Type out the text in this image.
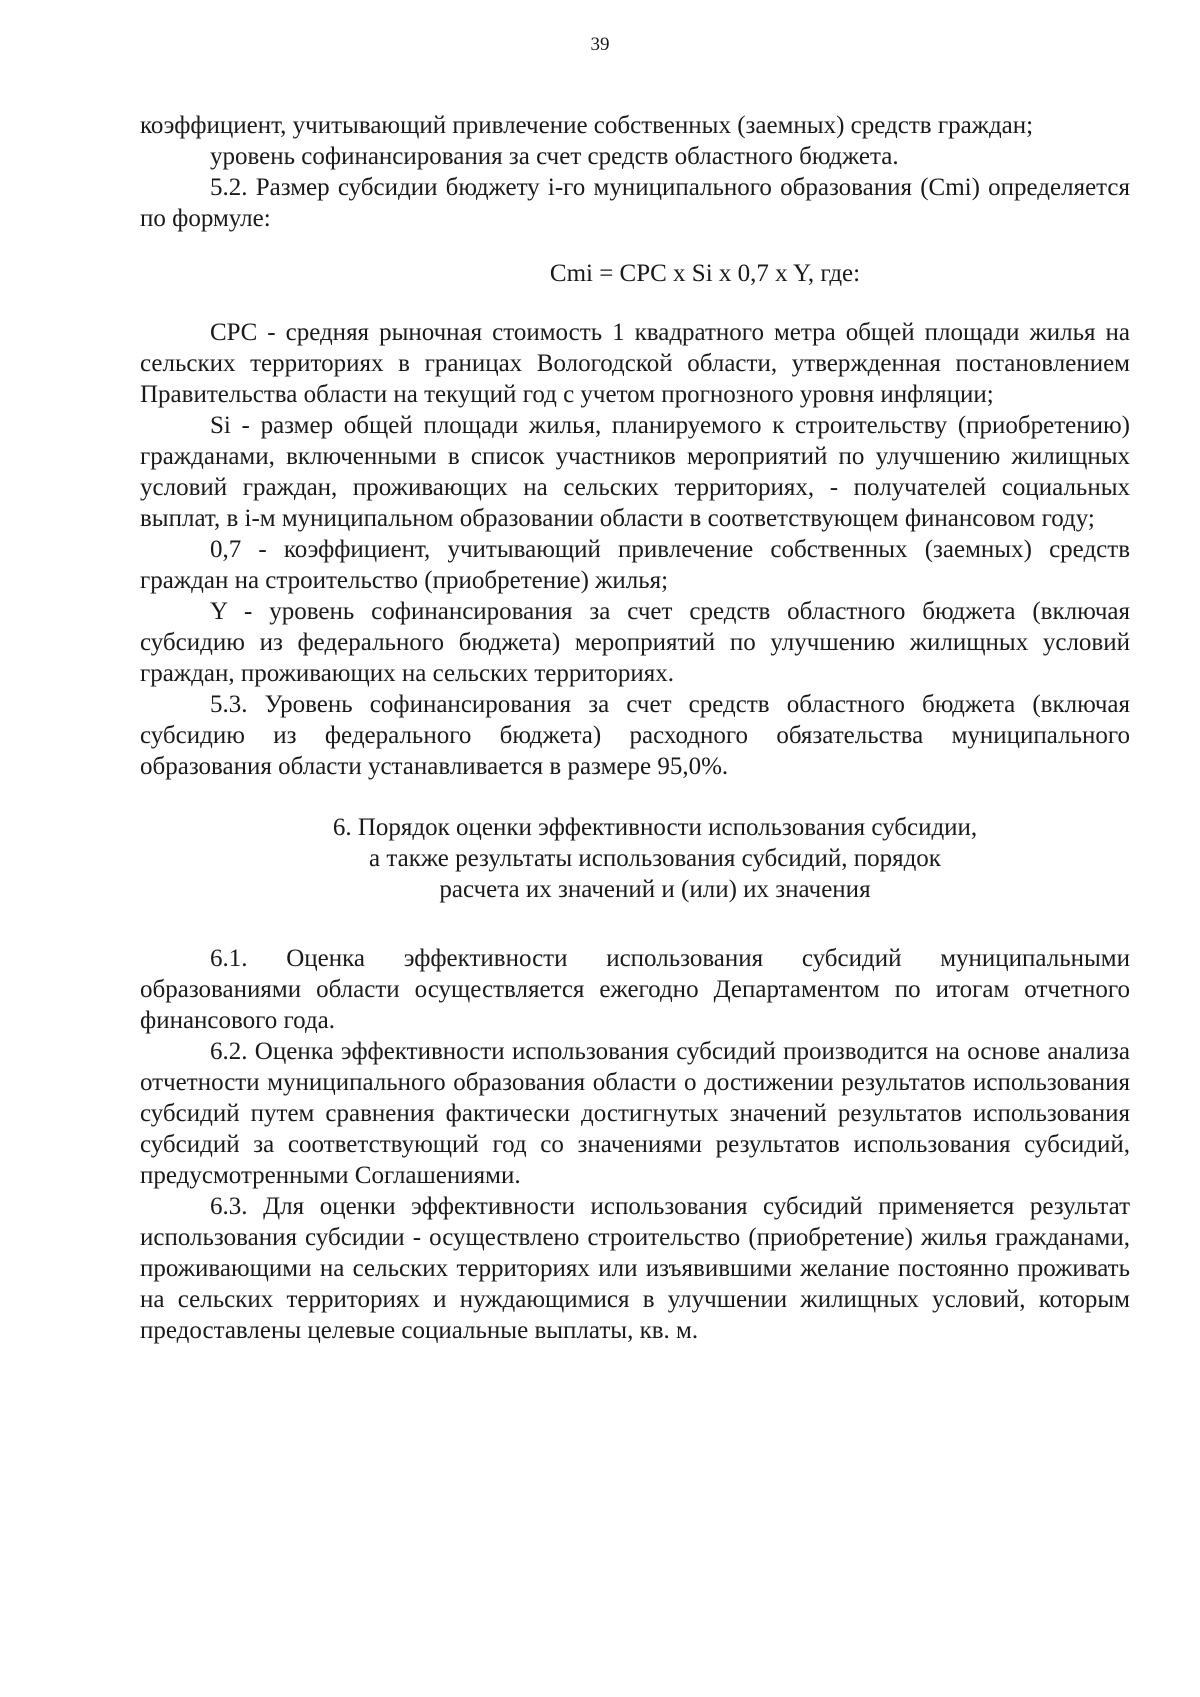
39

коэффициент, учитывающий привлечение собственных (заемных) средств граждан;

уровень софинансирования за счет средств областного бюджета.

5.2. Размер субсидии бюджету i-го муниципального образования (Cmi) определяется по формуле:

Cmi = CPC x Si x 0,7 x Y, где:

CPC - средняя рыночная стоимость 1 квадратного метра общей площади жилья на сельских территориях в границах Вологодской области, утвержденная постановлением Правительства области на текущий год с учетом прогнозного уровня инфляции;

Si - размер общей площади жилья, планируемого к строительству (приобретению) гражданами, включенными в список участников мероприятий по улучшению жилищных условий граждан, проживающих на сельских территориях, - получателей социальных выплат, в i-м муниципальном образовании области в соответствующем финансовом году;

0,7 - коэффициент, учитывающий привлечение собственных (заемных) средств граждан на строительство (приобретение) жилья;

Y - уровень софинансирования за счет средств областного бюджета (включая субсидию из федерального бюджета) мероприятий по улучшению жилищных условий граждан, проживающих на сельских территориях.

5.3. Уровень софинансирования за счет средств областного бюджета (включая субсидию из федерального бюджета) расходного обязательства муниципального образования области устанавливается в размере 95,0%.

6. Порядок оценки эффективности использования субсидии,
а также результаты использования субсидий, порядок
расчета их значений и (или) их значения

6.1. Оценка эффективности использования субсидий муниципальными образованиями области осуществляется ежегодно Департаментом по итогам отчетного финансового года.

6.2. Оценка эффективности использования субсидий производится на основе анализа отчетности муниципального образования области о достижении результатов использования субсидий путем сравнения фактически достигнутых значений результатов использования субсидий за соответствующий год со значениями результатов использования субсидий, предусмотренными Соглашениями.

6.3. Для оценки эффективности использования субсидий применяется результат использования субсидии - осуществлено строительство (приобретение) жилья гражданами, проживающими на сельских территориях или изъявившими желание постоянно проживать на сельских территориях и нуждающимися в улучшении жилищных условий, которым предоставлены целевые социальные выплаты, кв. м.
